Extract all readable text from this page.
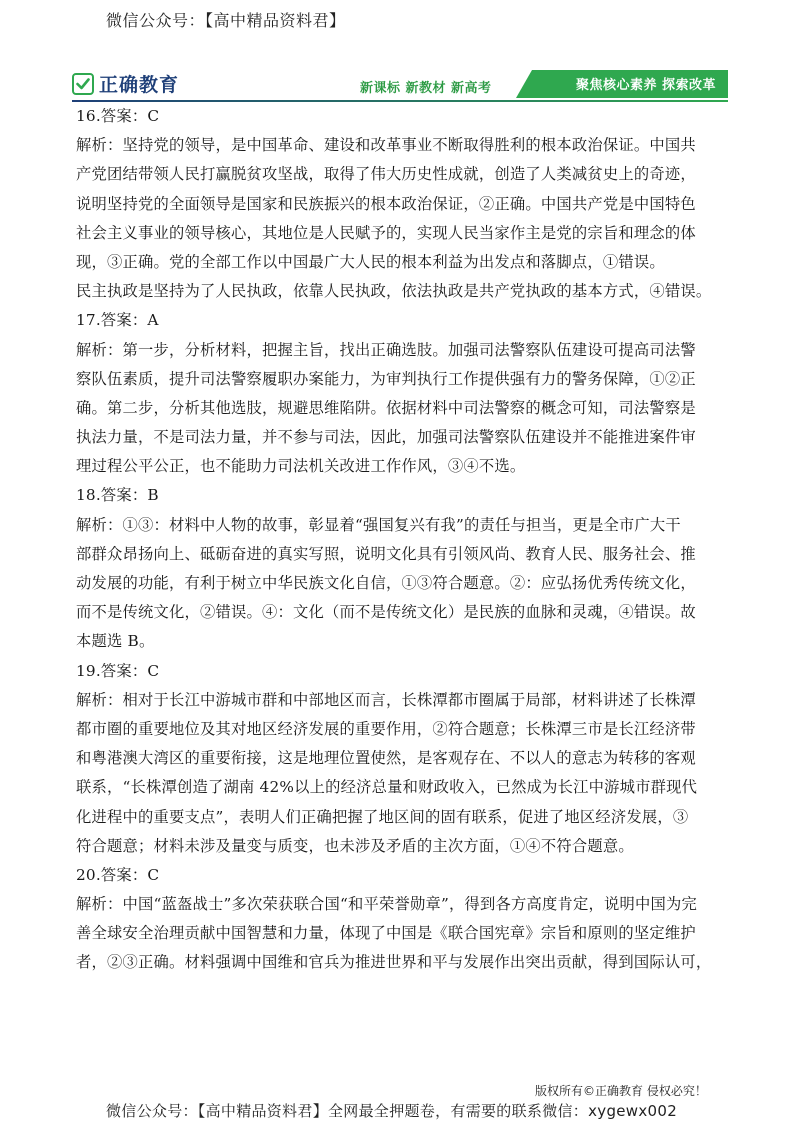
微信公众号：【高中精品资料君】
正确教育	新课标 新教材 新高考	聚焦核心素养 探索改革
16.答案：C
解析：坚持党的领导，是中国革命、建设和改革事业不断取得胜利的根本政治保证。中国共
产党团结带领人民打赢脱贫攻坚战，取得了伟大历史性成就，创造了人类减贫史上的奇迹，
说明坚持党的全面领导是国家和民族振兴的根本政治保证，②正确。中国共产党是中国特色
社会主义事业的领导核心，其地位是人民赋予的，实现人民当家作主是党的宗旨和理念的体
现，③正确。党的全部工作以中国最广大人民的根本利益为出发点和落脚点，①错误。
民主执政是坚持为了人民执政，依靠人民执政，依法执政是共产党执政的基本方式，④错误。
17.答案：A
解析：第一步，分析材料，把握主旨，找出正确选肢。加强司法警察队伍建设可提高司法警
察队伍素质，提升司法警察履职办案能力，为审判执行工作提供强有力的警务保障，①②正
确。第二步，分析其他选肢，规避思维陷阱。依据材料中司法警察的概念可知，司法警察是
执法力量，不是司法力量，并不参与司法，因此，加强司法警察队伍建设并不能推进案件审
理过程公平公正，也不能助力司法机关改进工作作风，③④不选。
18.答案：B
解析：①③：材料中人物的故事，彰显着“强国复兴有我”的责任与担当，更是全市广大干
部群众昂扬向上、砥砺奋进的真实写照，说明文化具有引领风尚、教育人民、服务社会、推
动发展的功能，有利于树立中华民族文化自信，①③符合题意。②：应弘扬优秀传统文化，
而不是传统文化，②错误。④：文化（而不是传统文化）是民族的血脉和灵魂，④错误。故
本题选 B。
19.答案：C
解析：相对于长江中游城市群和中部地区而言，长株潭都市圈属于局部，材料讲述了长株潭
都市圈的重要地位及其对地区经济发展的重要作用，②符合题意；长株潭三市是长江经济带
和粤港澳大湾区的重要衔接，这是地理位置使然，是客观存在、不以人的意志为转移的客观
联系，“长株潭创造了湖南 42%以上的经济总量和财政收入，已然成为长江中游城市群现代
化进程中的重要支点”，表明人们正确把握了地区间的固有联系，促进了地区经济发展，③
符合题意；材料未涉及量变与质变，也未涉及矛盾的主次方面，①④不符合题意。
20.答案：C
解析：中国“蓝盔战士”多次荣获联合国“和平荣誉勋章”，得到各方高度肯定，说明中国为完
善全球安全治理贡献中国智慧和力量，体现了中国是《联合国宪章》宗旨和原则的坚定维护
者，②③正确。材料强调中国维和官兵为推进世界和平与发展作出突出贡献，得到国际认可，
版权所有©正确教育 侵权必究！
微信公众号：【高中精品资料君】全网最全押题卷，有需要的联系微信：xygewx002
